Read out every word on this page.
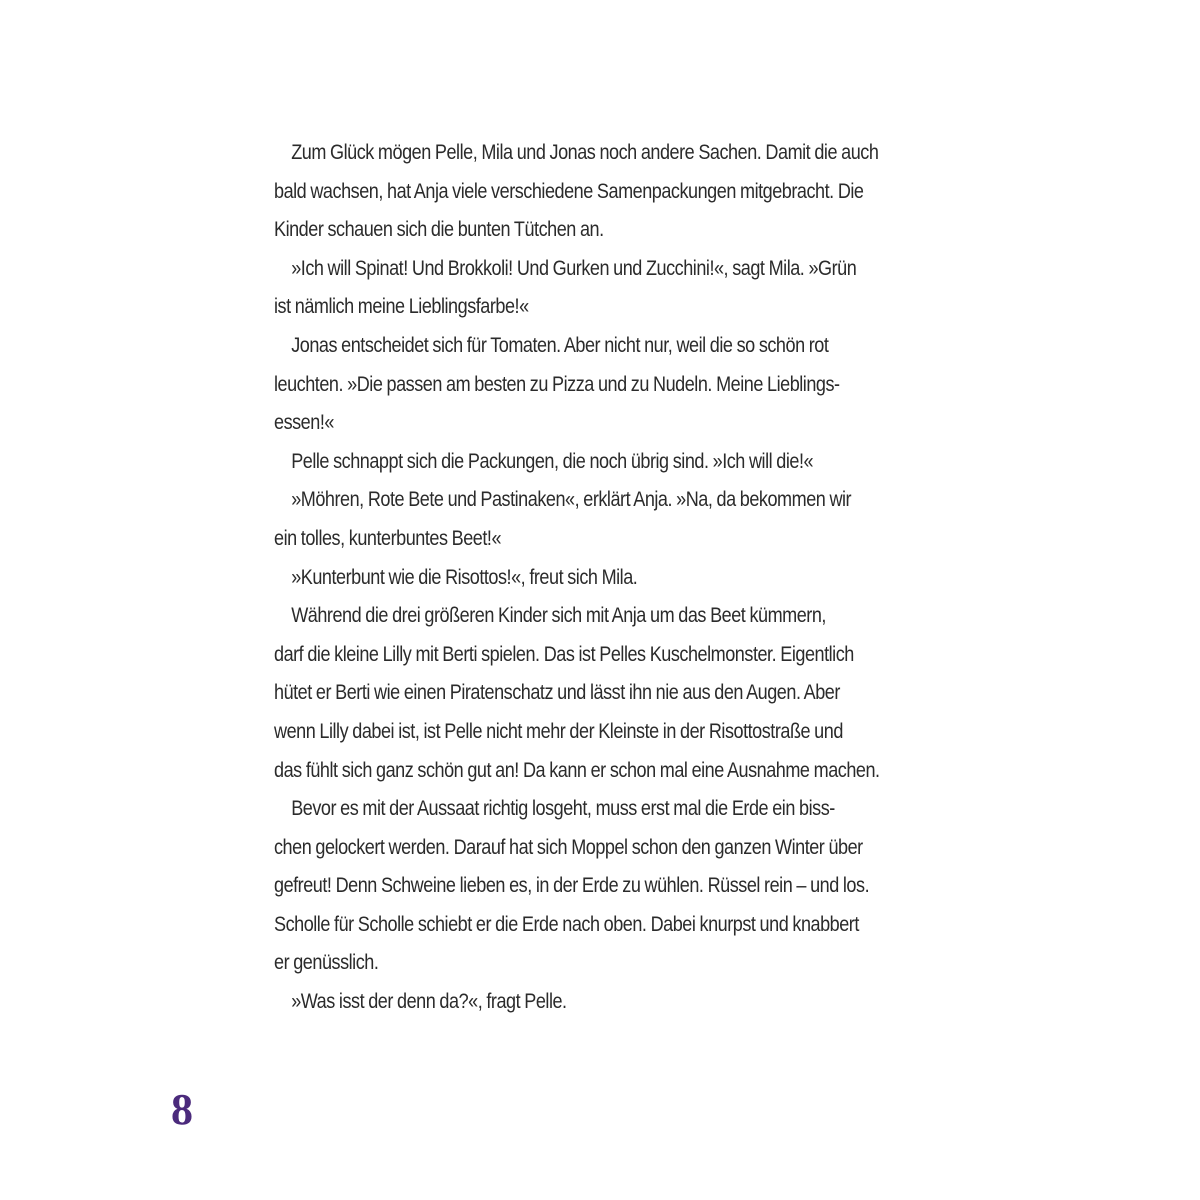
Zum Glück mögen Pelle, Mila und Jonas noch andere Sachen. Damit die auch
bald wachsen, hat Anja viele verschiedene Samenpackungen mitgebracht. Die
Kinder schauen sich die bunten Tütchen an.
»Ich will Spinat! Und Brokkoli! Und Gurken und Zucchini!«, sagt Mila. »Grün
ist nämlich meine Lieblingsfarbe!«
Jonas entscheidet sich für Tomaten. Aber nicht nur, weil die so schön rot
leuchten. »Die passen am besten zu Pizza und zu Nudeln. Meine Lieblings-
essen!«
Pelle schnappt sich die Packungen, die noch übrig sind. »Ich will die!«
»Möhren, Rote Bete und Pastinaken«, erklärt Anja. »Na, da bekommen wir
ein tolles, kunterbuntes Beet!«
»Kunterbunt wie die Risottos!«, freut sich Mila.
Während die drei größeren Kinder sich mit Anja um das Beet kümmern,
darf die kleine Lilly mit Berti spielen. Das ist Pelles Kuschelmonster. Eigentlich
hütet er Berti wie einen Piratenschatz und lässt ihn nie aus den Augen. Aber
wenn Lilly dabei ist, ist Pelle nicht mehr der Kleinste in der Risottostraße und
das fühlt sich ganz schön gut an! Da kann er schon mal eine Ausnahme machen.
Bevor es mit der Aussaat richtig losgeht, muss erst mal die Erde ein biss-
chen gelockert werden. Darauf hat sich Moppel schon den ganzen Winter über
gefreut! Denn Schweine lieben es, in der Erde zu wühlen. Rüssel rein – und los.
Scholle für Scholle schiebt er die Erde nach oben. Dabei knurpst und knabbert
er genüsslich.
»Was isst der denn da?«, fragt Pelle.
8
